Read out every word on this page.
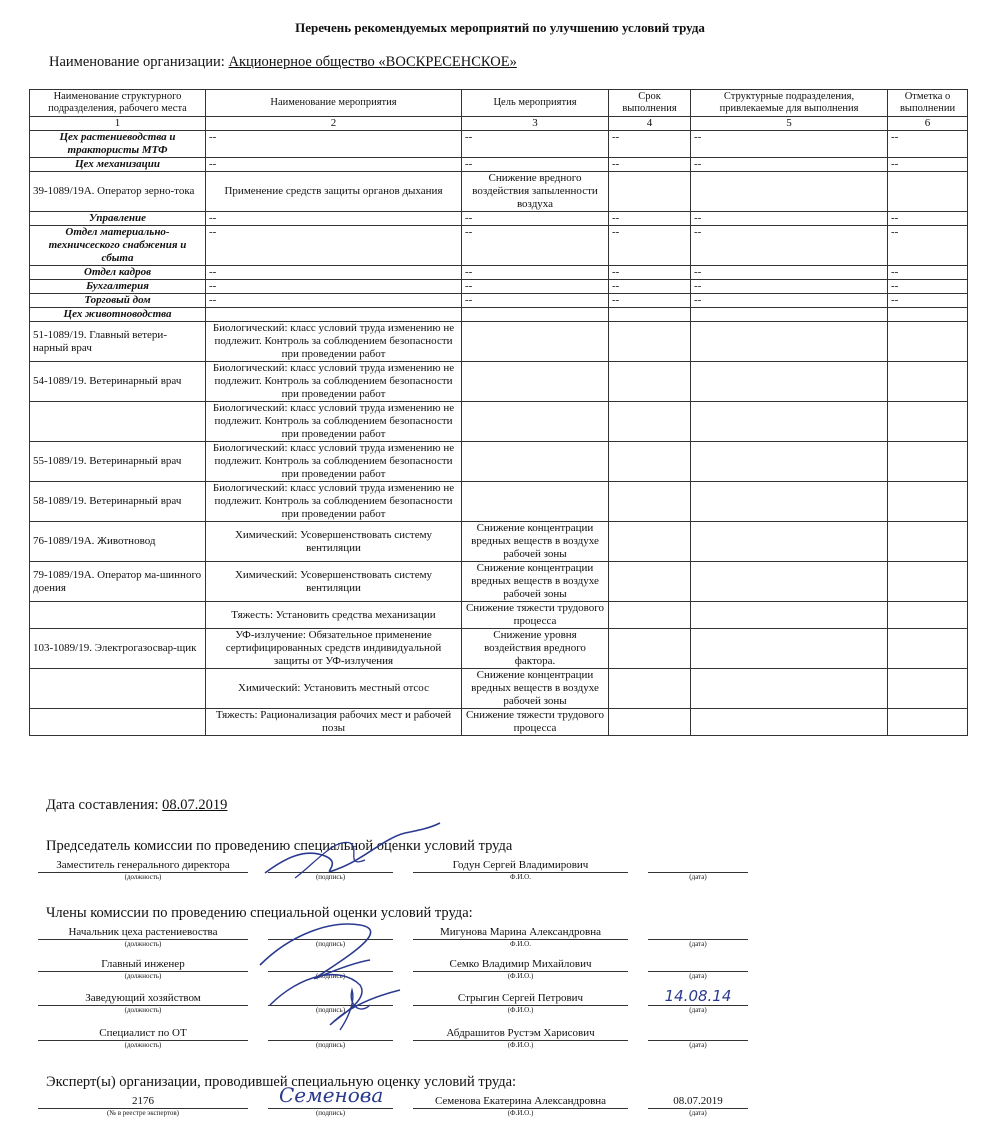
Перечень рекомендуемых мероприятий по улучшению условий труда
Наименование организации: Акционерное общество «ВОСКРЕСЕНСКОЕ»
Наименование структурного подразделения, рабочего места	Наименование мероприятия	Цель мероприятия	Срок выполнения	Структурные подразделения, привлекаемые для выполнения	Отметка о выполнении
1	2	3	4	5	6
Цех растениеводства и трактористы МТФ	--	--	--	--	--
Цех механизации	--	--	--	--	--
39-1089/19А. Оператор зерно-тока	Применение средств защиты органов дыхания	Снижение вредного воздействия запыленности воздуха			
Управление	--	--	--	--	--
Отдел материально-техничсеского снабжения и сбыта	--	--	--	--	--
Отдел кадров	--	--	--	--	--
Бухгалтерия	--	--	--	--	--
Торговый дом	--	--	--	--	--
Цех животноводства					
51-1089/19. Главный ветери-нарный врач	Биологический: класс условий труда изменению не подлежит. Контроль за соблюдением безопасности при проведении работ				
54-1089/19. Ветеринарный врач	Биологический: класс условий труда изменению не подлежит. Контроль за соблюдением безопасности при проведении работ				
	Биологический: класс условий труда изменению не подлежит. Контроль за соблюдением безопасности при проведении работ				
55-1089/19. Ветеринарный врач	Биологический: класс условий труда изменению не подлежит. Контроль за соблюдением безопасности при проведении работ				
58-1089/19. Ветеринарный врач	Биологический: класс условий труда изменению не подлежит. Контроль за соблюдением безопасности при проведении работ				
76-1089/19А. Животновод	Химический: Усовершенствовать систему вентиляции	Снижение концентрации вредных веществ в воздухе рабочей зоны			
79-1089/19А. Оператор ма-шинного доения	Химический: Усовершенствовать систему вентиляции	Снижение концентрации вредных веществ в воздухе рабочей зоны			
	Тяжесть: Установить средства механизации	Снижение тяжести трудового процесса			
103-1089/19. Электрогазосвар-щик	УФ-излучение: Обязательное применение сертифицированных средств индивидуальной защиты от УФ-излучения	Снижение уровня воздействия вредного фактора.			
	Химический: Установить местный отсос	Снижение концентрации вредных веществ в воздухе рабочей зоны			
	Тяжесть: Рационализация рабочих мест и рабочей позы	Снижение тяжести трудового процесса			
Дата составления: 08.07.2019
Председатель комиссии по проведению специальной оценки условий труда
Заместитель генерального директора
(должность)	(подпись)
Годун Сергей Владимирович
Ф.И.О.	(дата)
Члены комиссии по проведению специальной оценки условий труда:
Начальник цеха растениевоства
(должность)	(подпись)
Мигунова Марина Александровна
Ф.И.О.	(дата)
Главный инженер
(должность)	(подпись)
Семко Владимир Михайлович
(Ф.И.О.)	(дата)
Заведующий хозяйством
(должность)	(подпись)
Стрыгин Сергей Петрович
(Ф.И.О.)
14.08.14
(дата)
Специалист по ОТ
(должность)	(подпись)
Абдрашитов Рустэм Харисович
(Ф.И.О.)	(дата)
Эксперт(ы) организации, проводившей специальную оценку условий труда:
2176
(№ в реестре экспертов)	(подпись)
Семенова Екатерина Александровна
(Ф.И.О.)
08.07.2019
(дата)
Семенова
